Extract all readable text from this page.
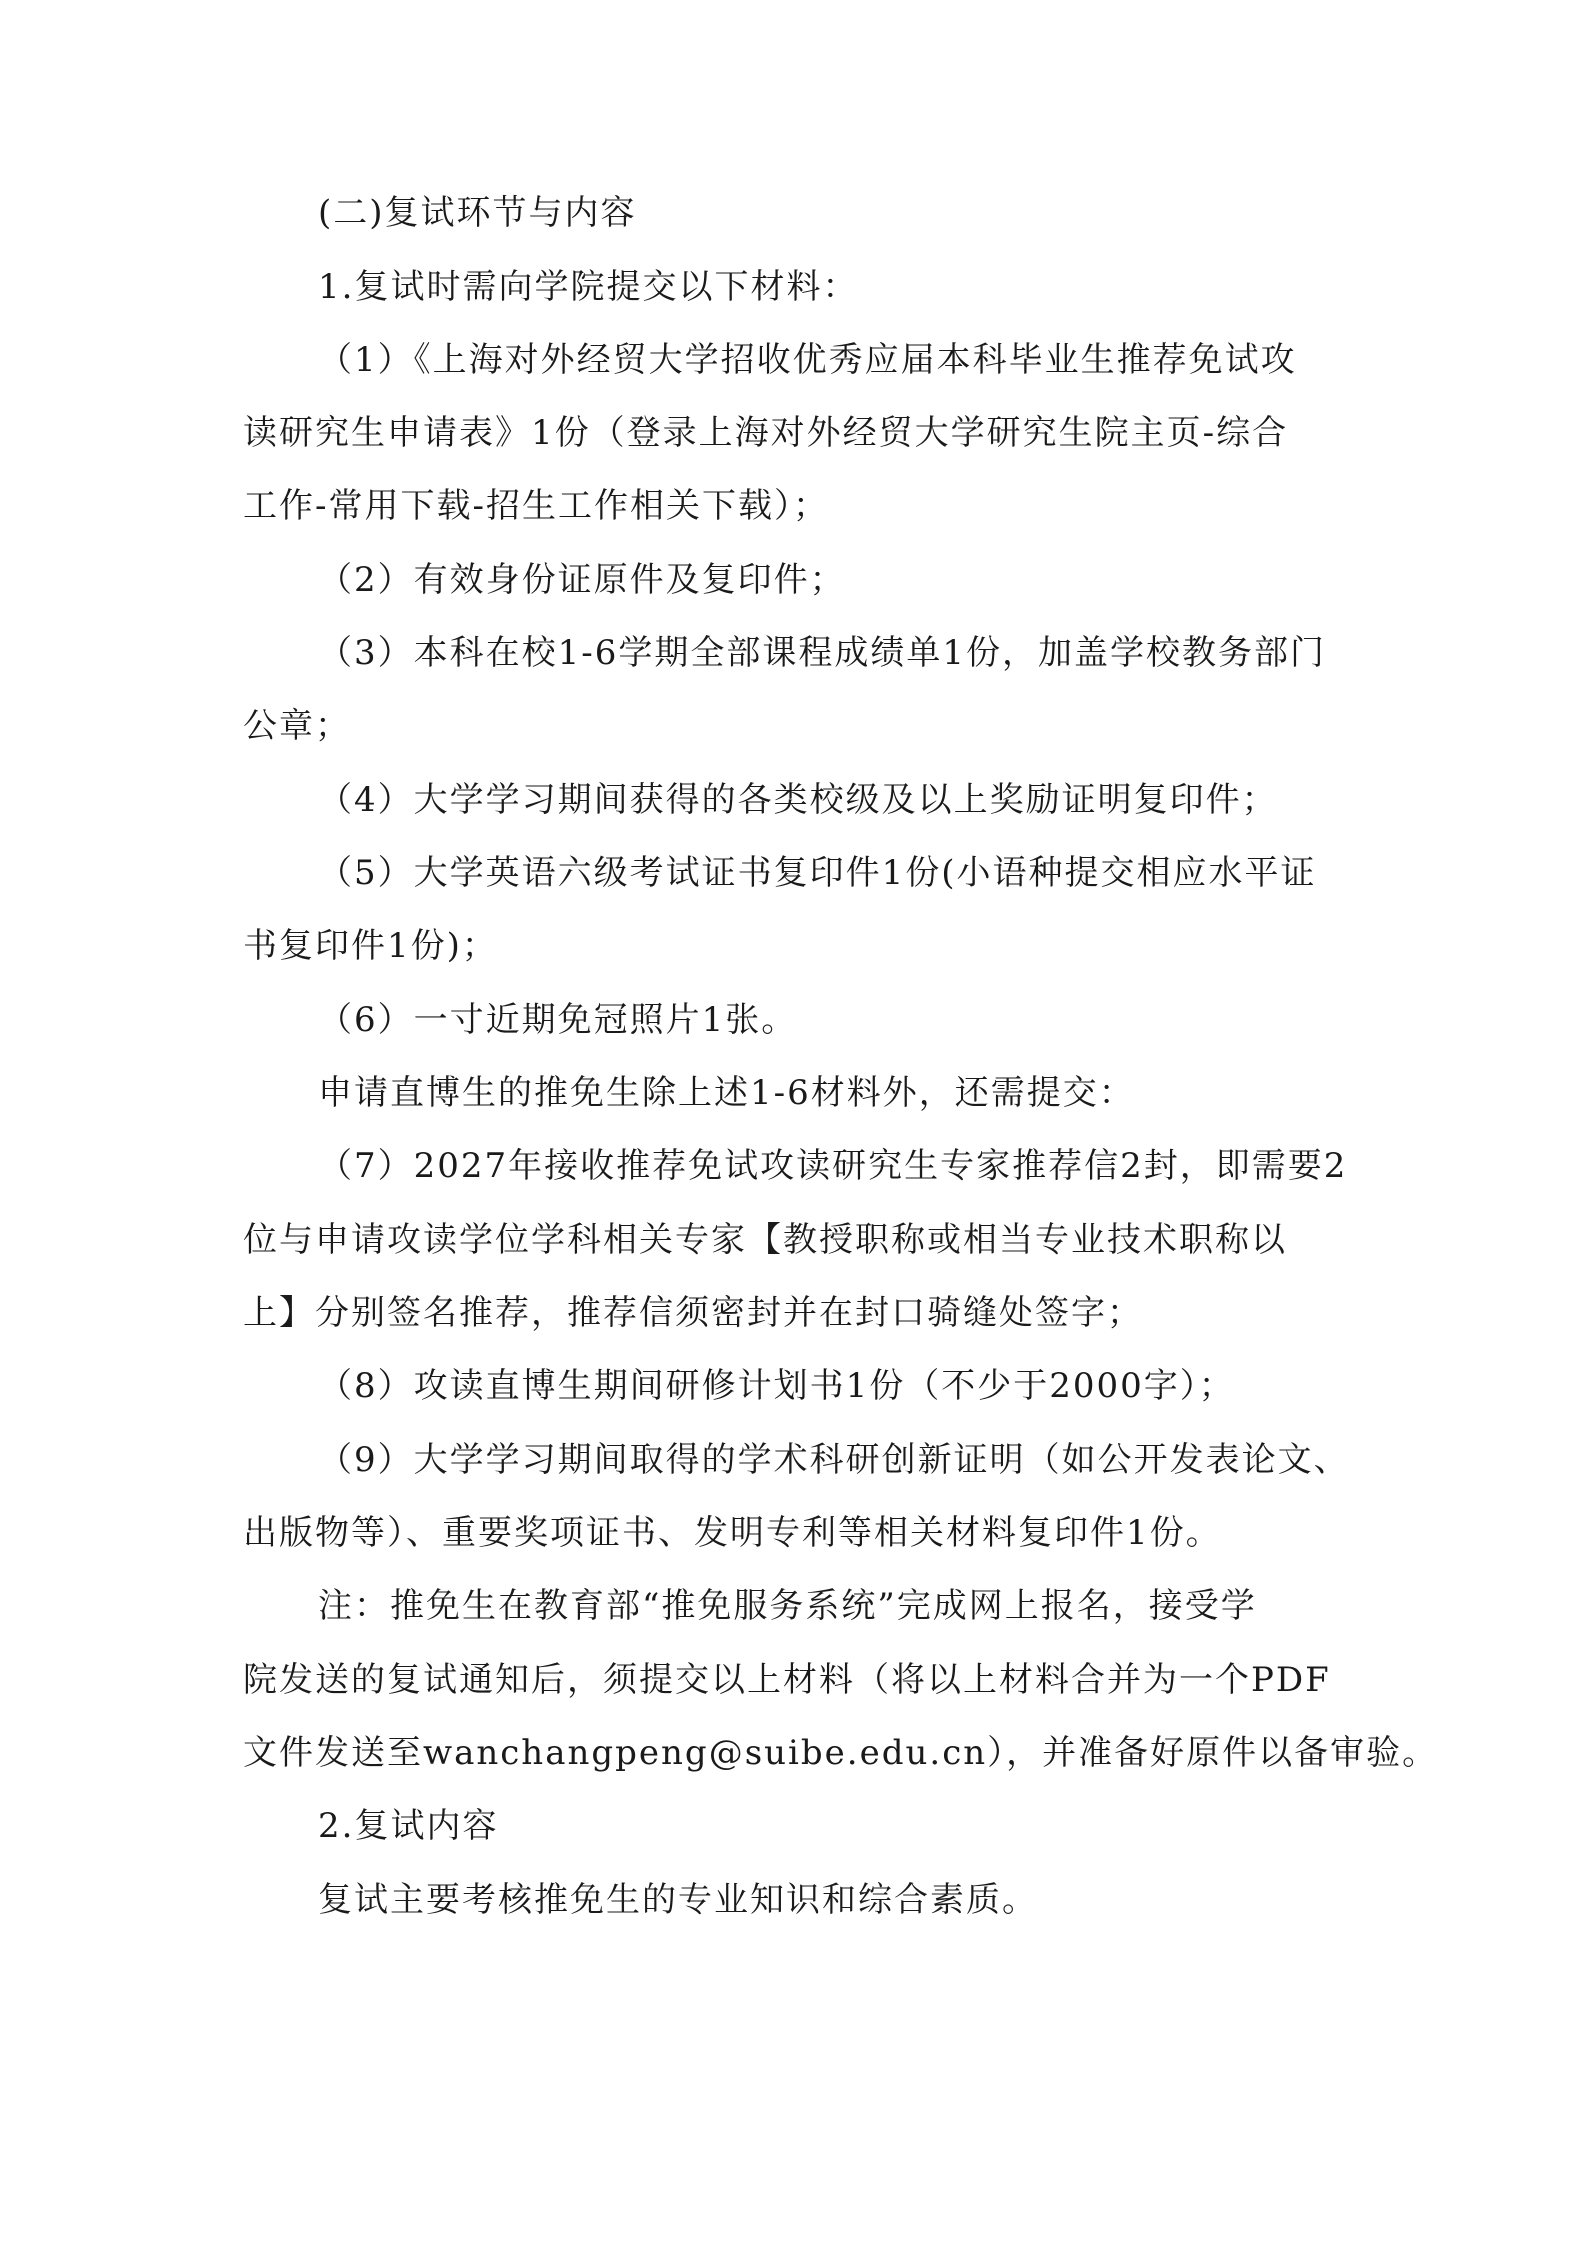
(二)复试环节与内容
1.复试时需向学院提交以下材料：
（1）《上海对外经贸大学招收优秀应届本科毕业生推荐免试攻
读研究生申请表》1份（登录上海对外经贸大学研究生院主页-综合
工作-常用下载-招生工作相关下载）；
（2）有效身份证原件及复印件；
（3）本科在校1-6学期全部课程成绩单1份，加盖学校教务部门
公章；
（4）大学学习期间获得的各类校级及以上奖励证明复印件；
（5）大学英语六级考试证书复印件1份(小语种提交相应水平证
书复印件1份)；
（6）一寸近期免冠照片1张。
申请直博生的推免生除上述1-6材料外，还需提交：
（7）2027年接收推荐免试攻读研究生专家推荐信2封，即需要2
位与申请攻读学位学科相关专家【教授职称或相当专业技术职称以
上】分别签名推荐，推荐信须密封并在封口骑缝处签字；
（8）攻读直博生期间研修计划书1份（不少于2000字）；
（9）大学学习期间取得的学术科研创新证明（如公开发表论文、
出版物等）、重要奖项证书、发明专利等相关材料复印件1份。
注：推免生在教育部“推免服务系统”完成网上报名，接受学
院发送的复试通知后，须提交以上材料（将以上材料合并为一个PDF
文件发送至wanchangpeng@suibe.edu.cn），并准备好原件以备审验。
2.复试内容
复试主要考核推免生的专业知识和综合素质。
